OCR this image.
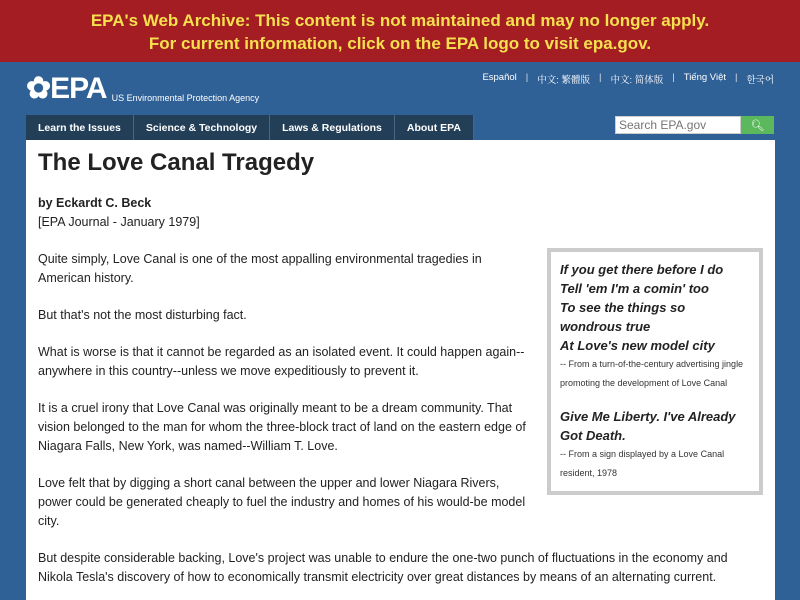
EPA's Web Archive: This content is not maintained and may no longer apply.
For current information, click on the EPA logo to visit epa.gov.
✿EPA US Environmental Protection Agency
Español | 中文: 繁體版 | 中文: 简体版 | Tiếng Việt | 한국어
Learn the Issues	Science & Technology	Laws & Regulations	About EPA
Search EPA.gov	🔍︎
The Love Canal Tragedy
by Eckardt C. Beck
[EPA Journal - January 1979]
If you get there before I do
Tell 'em I'm a comin' too
To see the things so wondrous true
At Love's new model city
-- From a turn-of-the-century advertising jingle promoting the development of Love Canal
Give Me Liberty. I've Already Got Death.
-- From a sign displayed by a Love Canal resident, 1978

Quite simply, Love Canal is one of the most appalling environmental tragedies in American history.

But that's not the most disturbing fact.

What is worse is that it cannot be regarded as an isolated event. It could happen again--anywhere in this country--unless we move expeditiously to prevent it.

It is a cruel irony that Love Canal was originally meant to be a dream community. That vision belonged to the man for whom the three-block tract of land on the eastern edge of Niagara Falls, New York, was named--William T. Love.

Love felt that by digging a short canal between the upper and lower Niagara Rivers, power could be generated cheaply to fuel the industry and homes of his would-be model city.

But despite considerable backing, Love's project was unable to endure the one-two punch of fluctuations in the economy and Nikola Tesla's discovery of how to economically transmit electricity over great distances by means of an alternating current.
